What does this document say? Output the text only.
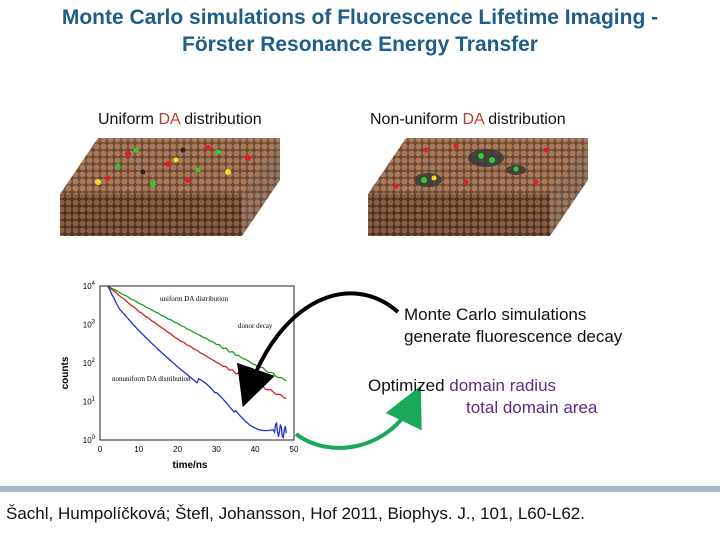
Monte Carlo simulations of Fluorescence Lifetime Imaging -
Förster Resonance Energy Transfer
Uniform DA distribution	Non-uniform DA distribution
0	10	20	30	40	50
$10^0$
$10^1$
$10^2$
$10^3$
$10^4$
counts
time/ns
uniform DA distribution
donor decay
nonuniform DA distribution
Monte Carlo simulations
generate fluorescence decay
Optimized domain radius
total domain area
Šachl, Humpolíčková; Štefl, Johansson, Hof 2011, Biophys. J., 101, L60-L62.
